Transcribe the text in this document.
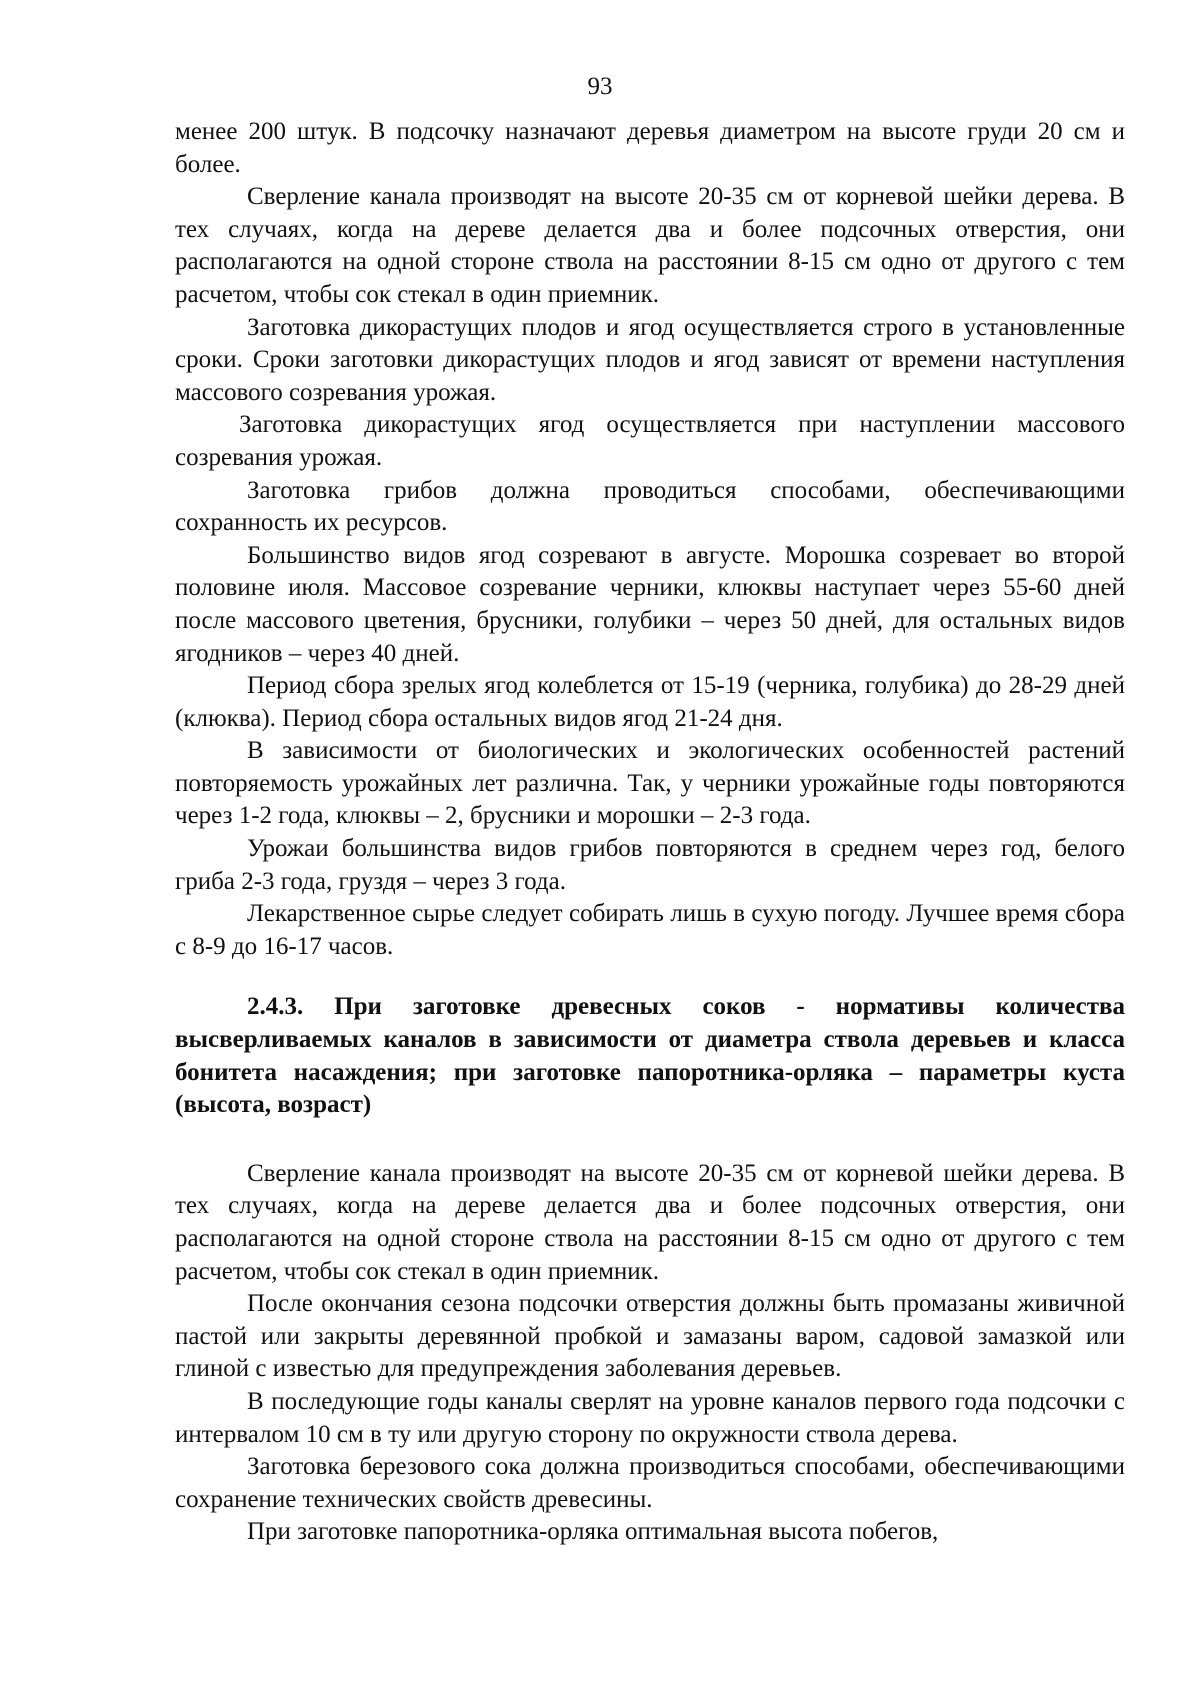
93

менее 200 штук. В подсочку назначают деревья диаметром на высоте груди 20 см и более.

Сверление канала производят на высоте 20-35 см от корневой шейки дерева. В тех случаях, когда на дереве делается два и более подсочных отверстия, они располагаются на одной стороне ствола на расстоянии 8-15 см одно от другого с тем расчетом, чтобы сок стекал в один приемник.

Заготовка дикорастущих плодов и ягод осуществляется строго в установленные сроки. Сроки заготовки дикорастущих плодов и ягод зависят от времени наступления массового созревания урожая.

Заготовка дикорастущих ягод осуществляется при наступлении массового созревания урожая.

Заготовка грибов должна проводиться способами, обеспечивающими сохранность их ресурсов.

Большинство видов ягод созревают в августе. Морошка созревает во второй половине июля. Массовое созревание черники, клюквы наступает через 55-60 дней после массового цветения, брусники, голубики – через 50 дней, для остальных видов ягодников – через 40 дней.

Период сбора зрелых ягод колеблется от 15-19 (черника, голубика) до 28-29 дней (клюква). Период сбора остальных видов ягод 21-24 дня.

В зависимости от биологических и экологических особенностей растений повторяемость урожайных лет различна. Так, у черники урожайные годы повторяются через 1-2 года, клюквы – 2, брусники и морошки – 2-3 года.

Урожаи большинства видов грибов повторяются в среднем через год, белого гриба 2-3 года, груздя – через 3 года.

Лекарственное сырье следует собирать лишь в сухую погоду. Лучшее время сбора с 8-9 до 16-17 часов.

2.4.3. При заготовке древесных соков - нормативы количества высверливаемых каналов в зависимости от диаметра ствола деревьев и класса бонитета насаждения; при заготовке папоротника-орляка – параметры куста (высота, возраст)

Сверление канала производят на высоте 20-35 см от корневой шейки дерева. В тех случаях, когда на дереве делается два и более подсочных отверстия, они располагаются на одной стороне ствола на расстоянии 8-15 см одно от другого с тем расчетом, чтобы сок стекал в один приемник.

После окончания сезона подсочки отверстия должны быть промазаны живичной пастой или закрыты деревянной пробкой и замазаны варом, садовой замазкой или глиной с известью для предупреждения заболевания деревьев.

В последующие годы каналы сверлят на уровне каналов первого года подсочки с интервалом 10 см в ту или другую сторону по окружности ствола дерева.

Заготовка березового сока должна производиться способами, обеспечивающими сохранение технических свойств древесины.

При заготовке папоротника-орляка оптимальная высота побегов,
